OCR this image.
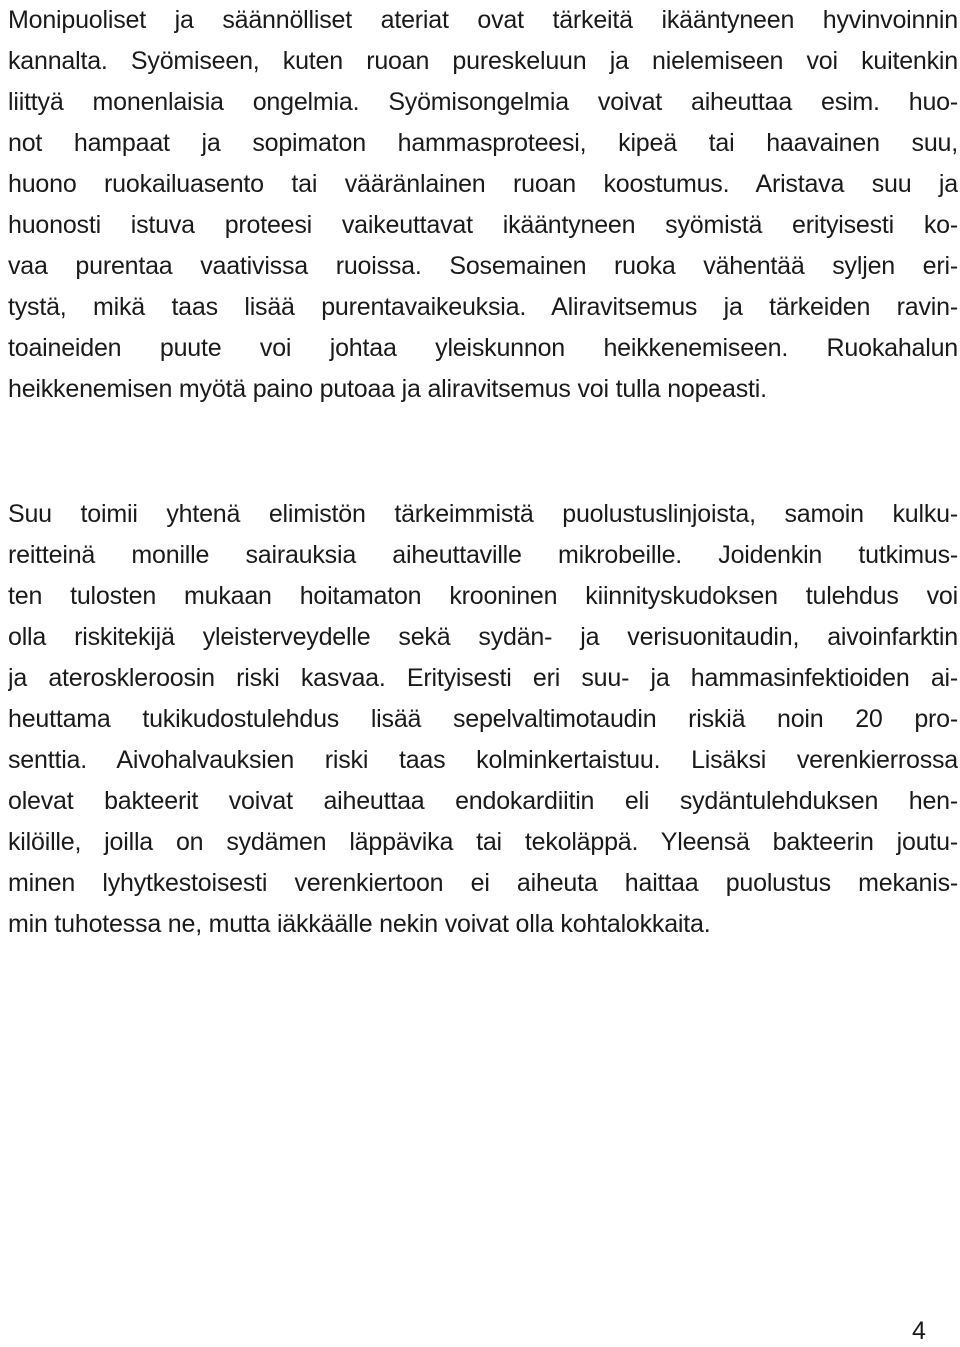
Monipuoliset ja säännölliset ateriat ovat tärkeitä ikääntyneen hyvinvoinnin
kannalta. Syömiseen, kuten ruoan pureskeluun ja nielemiseen voi kuitenkin
liittyä monenlaisia ongelmia. Syömisongelmia voivat aiheuttaa esim. huo-
not hampaat ja sopimaton hammasproteesi, kipeä tai haavainen suu,
huono ruokailuasento tai vääränlainen ruoan koostumus. Aristava suu ja
huonosti istuva proteesi vaikeuttavat ikääntyneen syömistä erityisesti ko-
vaa purentaa vaativissa ruoissa. Sosemainen ruoka vähentää syljen eri-
tystä, mikä taas lisää purentavaikeuksia. Aliravitsemus ja tärkeiden ravin-
toaineiden puute voi johtaa yleiskunnon heikkenemiseen. Ruokahalun
heikkenemisen myötä paino putoaa ja aliravitsemus voi tulla nopeasti.

Suu toimii yhtenä elimistön tärkeimmistä puolustuslinjoista, samoin kulku-
reitteinä monille sairauksia aiheuttaville mikrobeille. Joidenkin tutkimus-
ten tulosten mukaan hoitamaton krooninen kiinnityskudoksen tulehdus voi
olla riskitekijä yleisterveydelle sekä sydän- ja verisuonitaudin, aivoinfarktin
ja ateroskleroosin riski kasvaa. Erityisesti eri suu- ja hammasinfektioiden ai-
heuttama tukikudostulehdus lisää sepelvaltimotaudin riskiä noin 20 pro-
senttia. Aivohalvauksien riski taas kolminkertaistuu. Lisäksi verenkierrossa
olevat bakteerit voivat aiheuttaa endokardiitin eli sydäntulehduksen hen-
kilöille, joilla on sydämen läppävika tai tekoläppä. Yleensä bakteerin joutu-
minen lyhytkestoisesti verenkiertoon ei aiheuta haittaa puolustus mekanis-
min tuhotessa ne, mutta iäkkäälle nekin voivat olla kohtalokkaita.

4
